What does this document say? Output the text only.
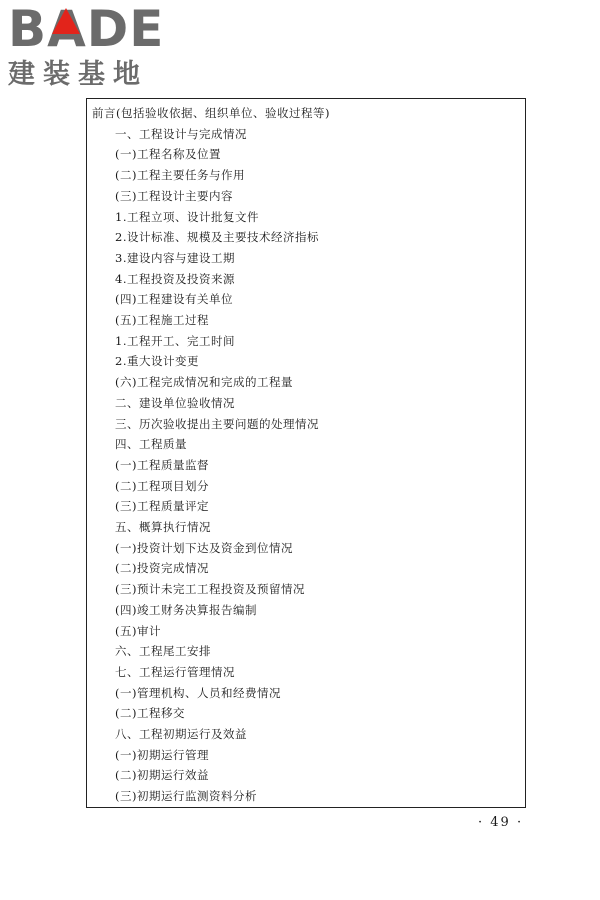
BADE
建装基地
前言(包括验收依据、组织单位、验收过程等)
一、工程设计与完成情况
(一)工程名称及位置
(二)工程主要任务与作用
(三)工程设计主要内容
1.工程立项、设计批复文件
2.设计标准、规模及主要技术经济指标
3.建设内容与建设工期
4.工程投资及投资来源
(四)工程建设有关单位
(五)工程施工过程
1.工程开工、完工时间
2.重大设计变更
(六)工程完成情况和完成的工程量
二、建设单位验收情况
三、历次验收提出主要问题的处理情况
四、工程质量
(一)工程质量监督
(二)工程项目划分
(三)工程质量评定
五、概算执行情况
(一)投资计划下达及资金到位情况
(二)投资完成情况
(三)预计未完工工程投资及预留情况
(四)竣工财务决算报告编制
(五)审计
六、工程尾工安排
七、工程运行管理情况
(一)管理机构、人员和经费情况
(二)工程移交
八、工程初期运行及效益
(一)初期运行管理
(二)初期运行效益
(三)初期运行监测资料分析
· 49 ·
